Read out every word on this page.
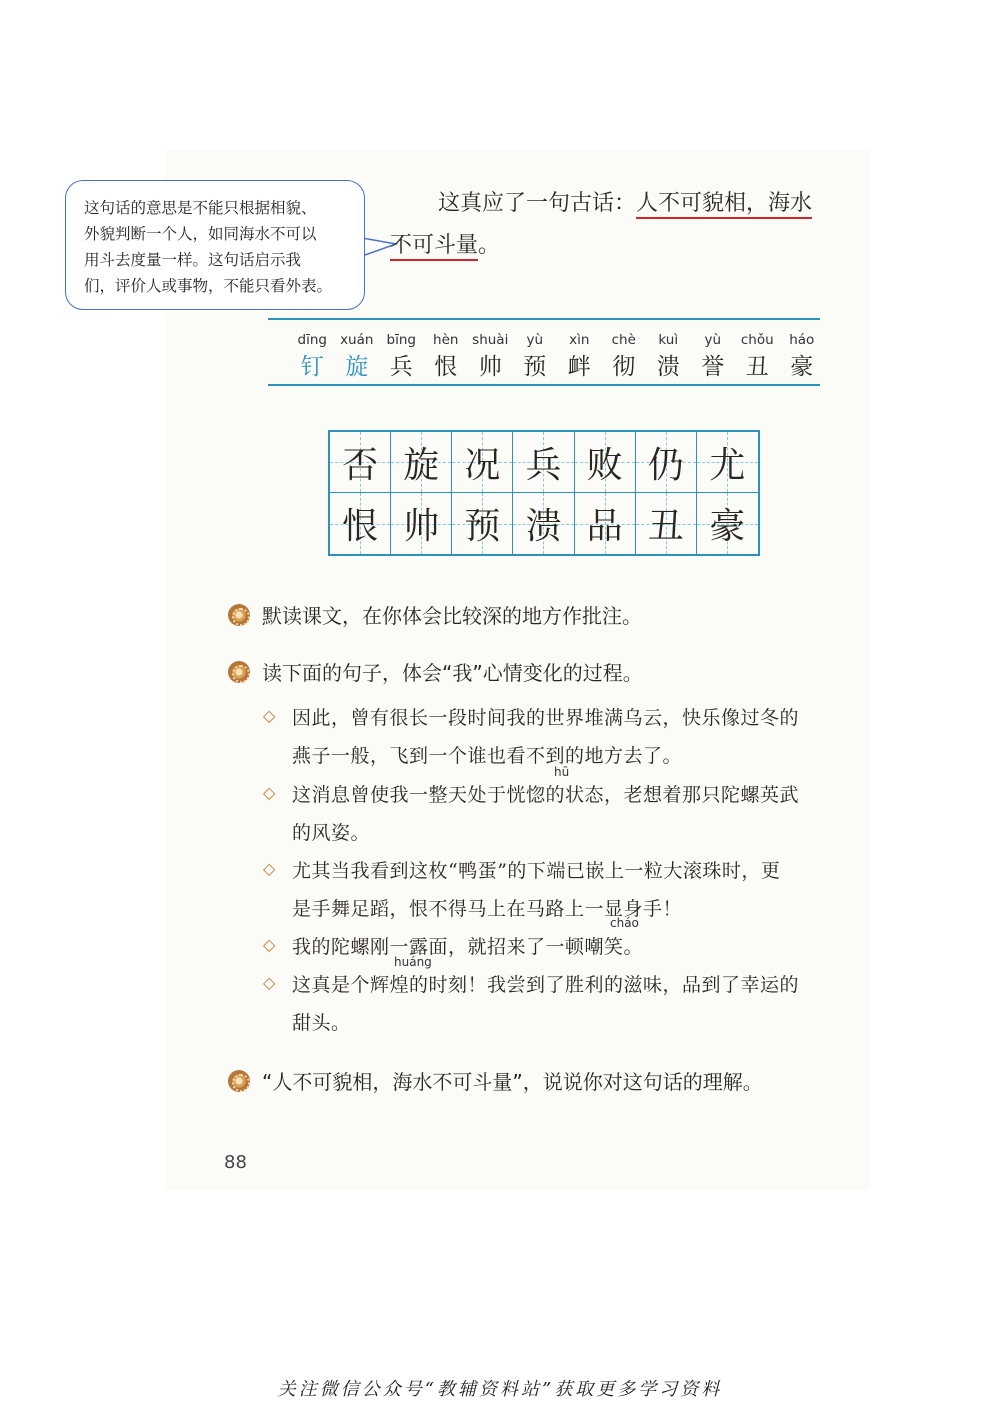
这句话的意思是不能只根据相貌、
外貌判断一个人，如同海水不可以
用斗去度量一样。这句话启示我
们，评价人或事物，不能只看外表。
这真应了一句古话：人不可貌相，海水
不可斗量。
dīng
钉
xuán
旋
bīng
兵
hèn
恨
shuài
帅
yù
预
xìn
衅
chè
彻
kuì
溃
yù
誉
chǒu
丑
háo
豪
否 旋 况 兵 败 仍 尤
恨 帅 预 溃 品 丑 豪
默读课文，在你体会比较深的地方作批注。
读下面的句子，体会“我”心情变化的过程。
◇ 因此，曾有很长一段时间我的世界堆满乌云，快乐像过冬的
燕子一般，飞到一个谁也看不到的地方去了。
hū
◇ 这消息曾使我一整天处于恍惚的状态，老想着那只陀螺英武
的风姿。
◇ 尤其当我看到这枚“鸭蛋”的下端已嵌上一粒大滚珠时，更
是手舞足蹈，恨不得马上在马路上一显身手！
cháo
◇ 我的陀螺刚一露面，就招来了一顿嘲笑。
huáng
◇ 这真是个辉煌的时刻！我尝到了胜利的滋味，品到了幸运的
甜头。
“人不可貌相，海水不可斗量”，说说你对这句话的理解。
88
关注微信公众号“教辅资料站”获取更多学习资料
